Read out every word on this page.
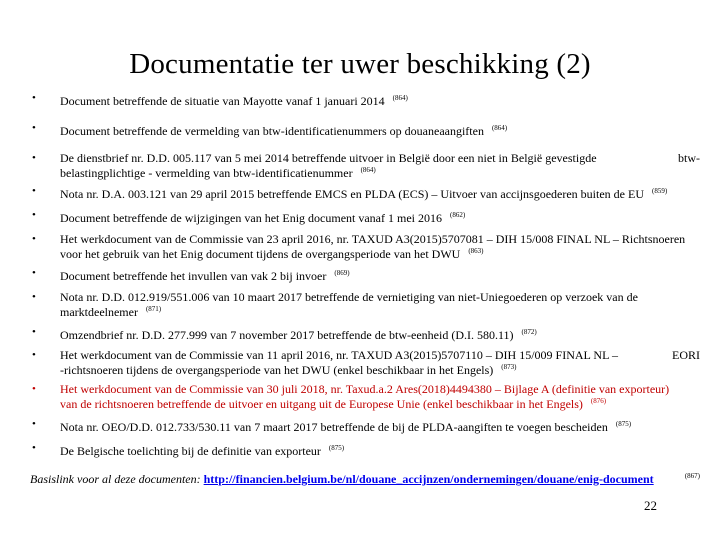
Documentatie ter uwer beschikking (2)
• Document betreffende de situatie van Mayotte vanaf 1 januari 2014 $^{(864)}$
• Document betreffende de vermelding van btw-identificatienummers op douaneaangiften $^{(864)}$
• De dienstbrief nr. D.D. 005.117 van 5 mei 2014 betreffende uitvoer in België door een niet in België gevestigde	btw-

belastingplichtige - vermelding van btw-identificatienummer $^{(864)}$
• Nota nr. D.A. 003.121 van 29 april 2015 betreffende EMCS en PLDA (ECS) – Uitvoer van accijnsgoederen buiten de EU $^{(859)}$
• Document betreffende de wijzigingen van het Enig document vanaf 1 mei 2016 $^{(862)}$
• Het werkdocument van de Commissie van 23 april 2016, nr. TAXUD A3(2015)5707081 – DIH 15/008 FINAL NL – Richtsnoeren
voor het gebruik van het Enig document tijdens de overgangsperiode van het DWU $^{(863)}$
• Document betreffende het invullen van vak 2 bij invoer $^{(869)}$
• Nota nr. D.D. 012.919/551.006 van 10 maart 2017 betreffende de vernietiging van niet-Uniegoederen op verzoek van de
marktdeelnemer $^{(871)}$
• Omzendbrief nr. D.D. 277.999 van 7 november 2017 betreffende de btw-eenheid (D.I. 580.11) $^{(872)}$
• Het werkdocument van de Commissie van 11 april 2016, nr. TAXUD A3(2015)5707110 – DIH 15/009 FINAL NL –	EORI

-richtsnoeren tijdens de overgangsperiode van het DWU (enkel beschikbaar in het Engels) $^{(873)}$
• Het werkdocument van de Commissie van 30 juli 2018, nr. Taxud.a.2 Ares(2018)4494380 – Bijlage A (definitie van exporteur)
van de richtsnoeren betreffende de uitvoer en uitgang uit de Europese Unie (enkel beschikbaar in het Engels) $^{(876)}$
• Nota nr. OEO/D.D. 012.733/530.11 van 7 maart 2017 betreffende de bij de PLDA-aangiften te voegen bescheiden $^{(875)}$
• De Belgische toelichting bij de definitie van exporteur $^{(875)}$
Basislink voor al deze documenten: http://financien.belgium.be/nl/douane_accijnzen/ondernemingen/douane/enig-document	(867)
22
